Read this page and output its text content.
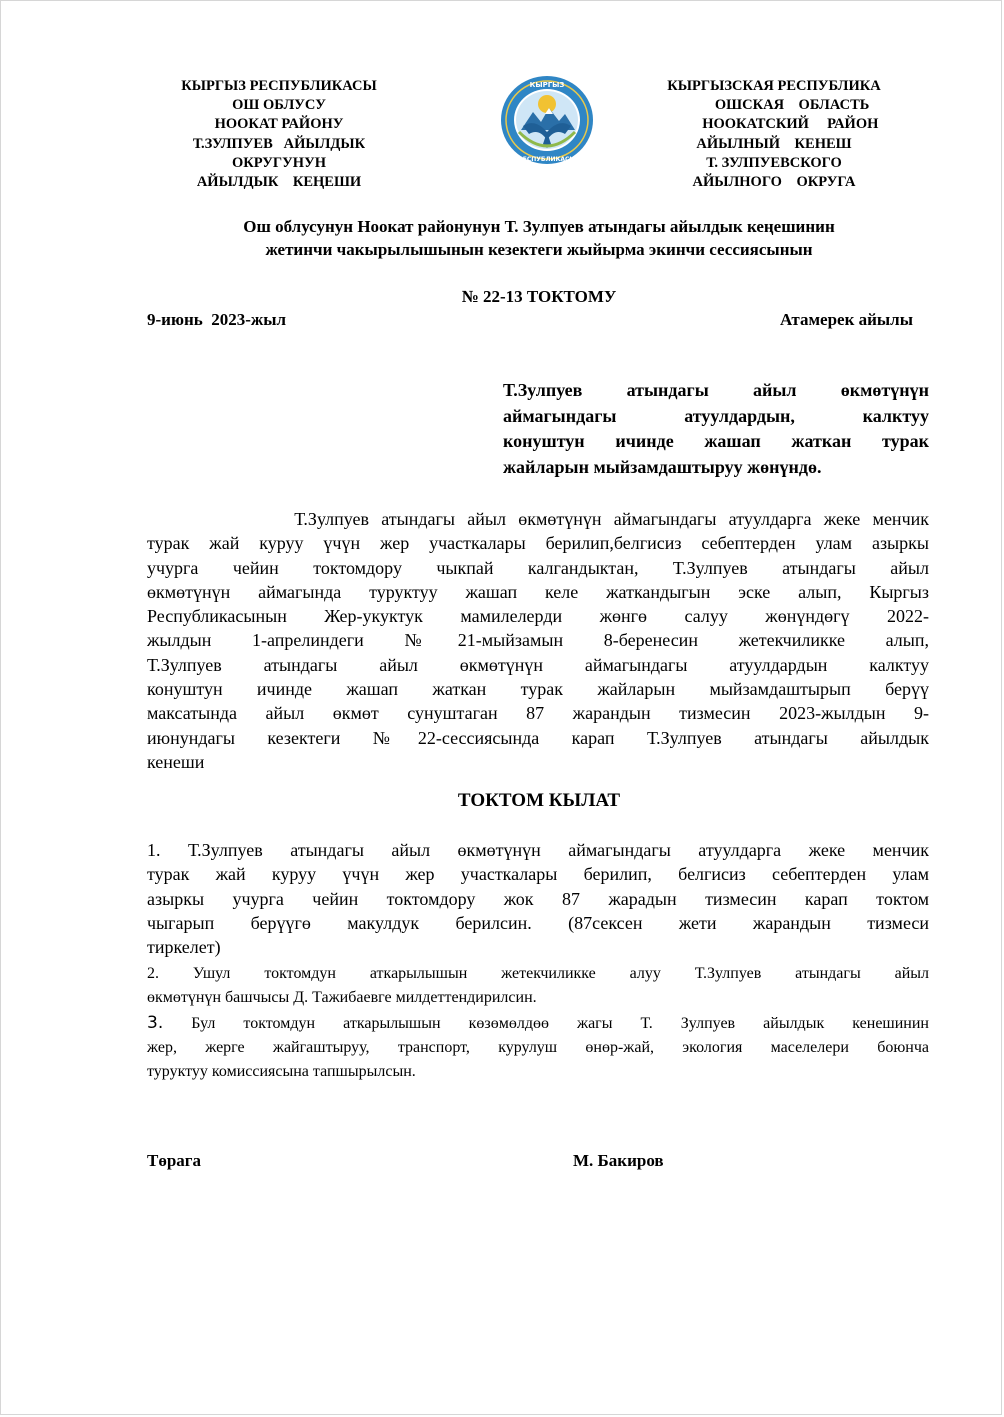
КЫРГЫЗ РЕСПУБЛИКАСЫ
ОШ ОБЛУСУ
НООКАТ РАЙОНУ
Т.ЗУЛПУЕВ   АЙЫЛДЫК
ОКРУГУНУН
АЙЫЛДЫК    КЕҢЕШИ
КЫРГЫЗ
РЕСПУБЛИКАСЫ
КЫРГЫЗСКАЯ РЕСПУБЛИКА
ОШСКАЯ    ОБЛАСТЬ
НООКАТСКИЙ     РАЙОН
АЙЫЛНЫЙ    КЕНЕШ
Т. ЗУЛПУЕВСКОГО
АЙЫЛНОГО    ОКРУГА
Ош облусунун Ноокат районунун Т. Зулпуев атындагы айылдык кеңешинин
жетинчи чакырылышынын кезектеги жыйырма экинчи сессиясынын
№ 22-13 ТОКТОМУ
9-июнь  2023-жыл	Атамерек айылы
Т.Зулпуев атындагы айыл өкмөтүнүн
аймагындагы атуулдардын, калктуу
конуштун ичинде жашап жаткан турак
жайларын мыйзамдаштыруу жөнүндө.
Т.Зулпуев атындагы айыл өкмөтүнүн аймагындагы атуулдарга жеке менчик
турак жай куруу үчүн жер участкалары берилип,белгисиз себептерден улам азыркы
учурга чейин токтомдору чыкпай калгандыктан, Т.Зулпуев атындагы айыл
өкмөтүнүн аймагында туруктуу жашап келе жаткандыгын эске алып, Кыргыз
Республикасынын Жер-укуктук мамилелерди жөнгө салуу жөнүндөгү 2022-
жылдын 1-апрелиндеги №21-мыйзамын 8-беренесин жетекчиликке алып,
Т.Зулпуев атындагы айыл өкмөтүнүн аймагындагы атуулдардын калктуу
конуштун ичинде жашап жаткан турак жайларын мыйзамдаштырып берүү
максатында айыл өкмөт сунуштаган 87 жарандын тизмесин 2023-жылдын 9-
июнундагы кезектеги №22-сессиясында карап Т.Зулпуев атындагы айылдык
кенеши
ТОКТОМ КЫЛАТ
1. Т.Зулпуев атындагы айыл өкмөтүнүн аймагындагы атуулдарга жеке менчик
турак жай куруу үчүн жер участкалары берилип, белгисиз себептерден улам
азыркы учурга чейин токтомдору жок 87 жарадын тизмесин карап токтом
чыгарып берүүгө макулдук берилсин. (87сексен жети жарандын тизмеси
тиркелет)
2. Ушул токтомдун аткарылышын жетекчиликке алуу Т.Зулпуев атындагы айыл
өкмөтүнүн башчысы Д. Тажибаевге милдеттендирилсин.
3. Бул токтомдун аткарылышын көзөмөлдөө жагы Т. Зулпуев айылдык кенешинин
жер, жерге жайгаштыруу, транспорт, курулуш өнөр-жай, экология маселелери боюнча
туруктуу комиссиясына тапшырылсын.
Төрага	М. Бакиров
